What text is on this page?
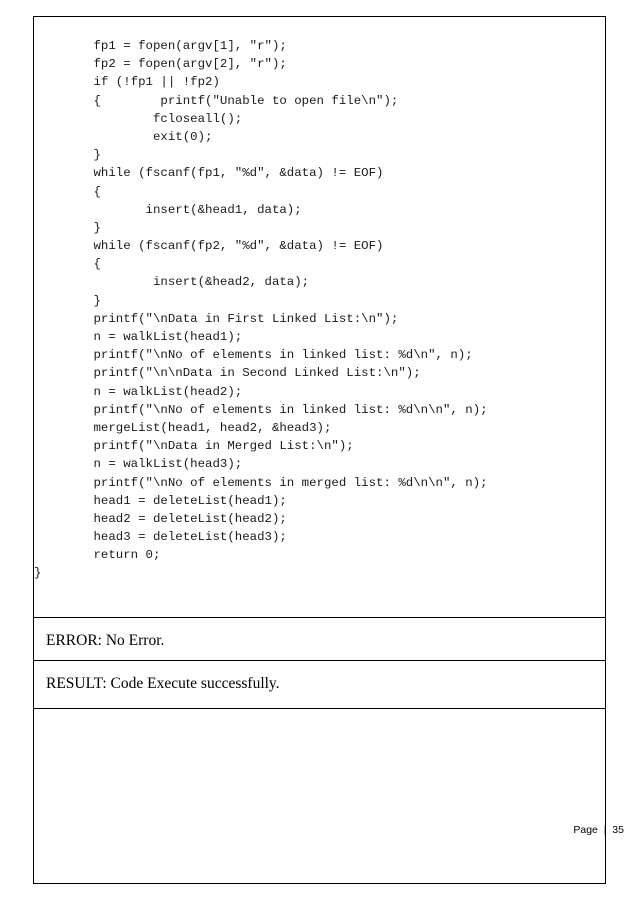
fp1 = fopen(argv[1], "r");
fp2 = fopen(argv[2], "r");
if (!fp1 || !fp2)
{        printf("Unable to open file\n");
fcloseall();
exit(0);
}
while (fscanf(fp1, "%d", &data) != EOF)
{
insert(&head1, data);
}
while (fscanf(fp2, "%d", &data) != EOF)
{
insert(&head2, data);
}
printf("\nData in First Linked List:\n");
n = walkList(head1);
printf("\nNo of elements in linked list: %d\n", n);
printf("\n\nData in Second Linked List:\n");
n = walkList(head2);
printf("\nNo of elements in linked list: %d\n\n", n);
mergeList(head1, head2, &head3);
printf("\nData in Merged List:\n");
n = walkList(head3);
printf("\nNo of elements in merged list: %d\n\n", n);
head1 = deleteList(head1);
head2 = deleteList(head2);
head3 = deleteList(head3);
return 0;
}
ERROR: No Error.
RESULT: Code Execute successfully.
Page  |  35
